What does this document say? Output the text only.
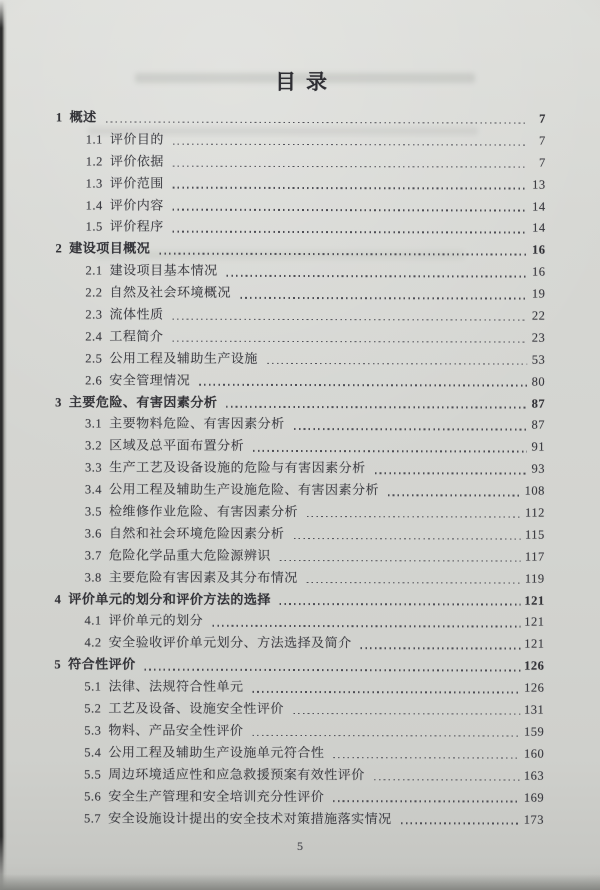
目录
1 概述	7
1.1 评价目的	7
1.2 评价依据	7
1.3 评价范围	13
1.4 评价内容	14
1.5 评价程序	14
2 建设项目概况	16
2.1 建设项目基本情况	16
2.2 自然及社会环境概况	19
2.3 流体性质	22
2.4 工程简介	23
2.5 公用工程及辅助生产设施	53
2.6 安全管理情况	80
3 主要危险、有害因素分析	87
3.1 主要物料危险、有害因素分析	87
3.2 区域及总平面布置分析	91
3.3 生产工艺及设备设施的危险与有害因素分析	93
3.4 公用工程及辅助生产设施危险、有害因素分析	108
3.5 检维修作业危险、有害因素分析	112
3.6 自然和社会环境危险因素分析	115
3.7 危险化学品重大危险源辨识	117
3.8 主要危险有害因素及其分布情况	119
4 评价单元的划分和评价方法的选择	121
4.1 评价单元的划分	121
4.2 安全验收评价单元划分、方法选择及简介	121
5 符合性评价	126
5.1 法律、法规符合性单元	126
5.2 工艺及设备、设施安全性评价	131
5.3 物料、产品安全性评价	159
5.4 公用工程及辅助生产设施单元符合性	160
5.5 周边环境适应性和应急救援预案有效性评价	163
5.6 安全生产管理和安全培训充分性评价	169
5.7 安全设施设计提出的安全技术对策措施落实情况	173
5
